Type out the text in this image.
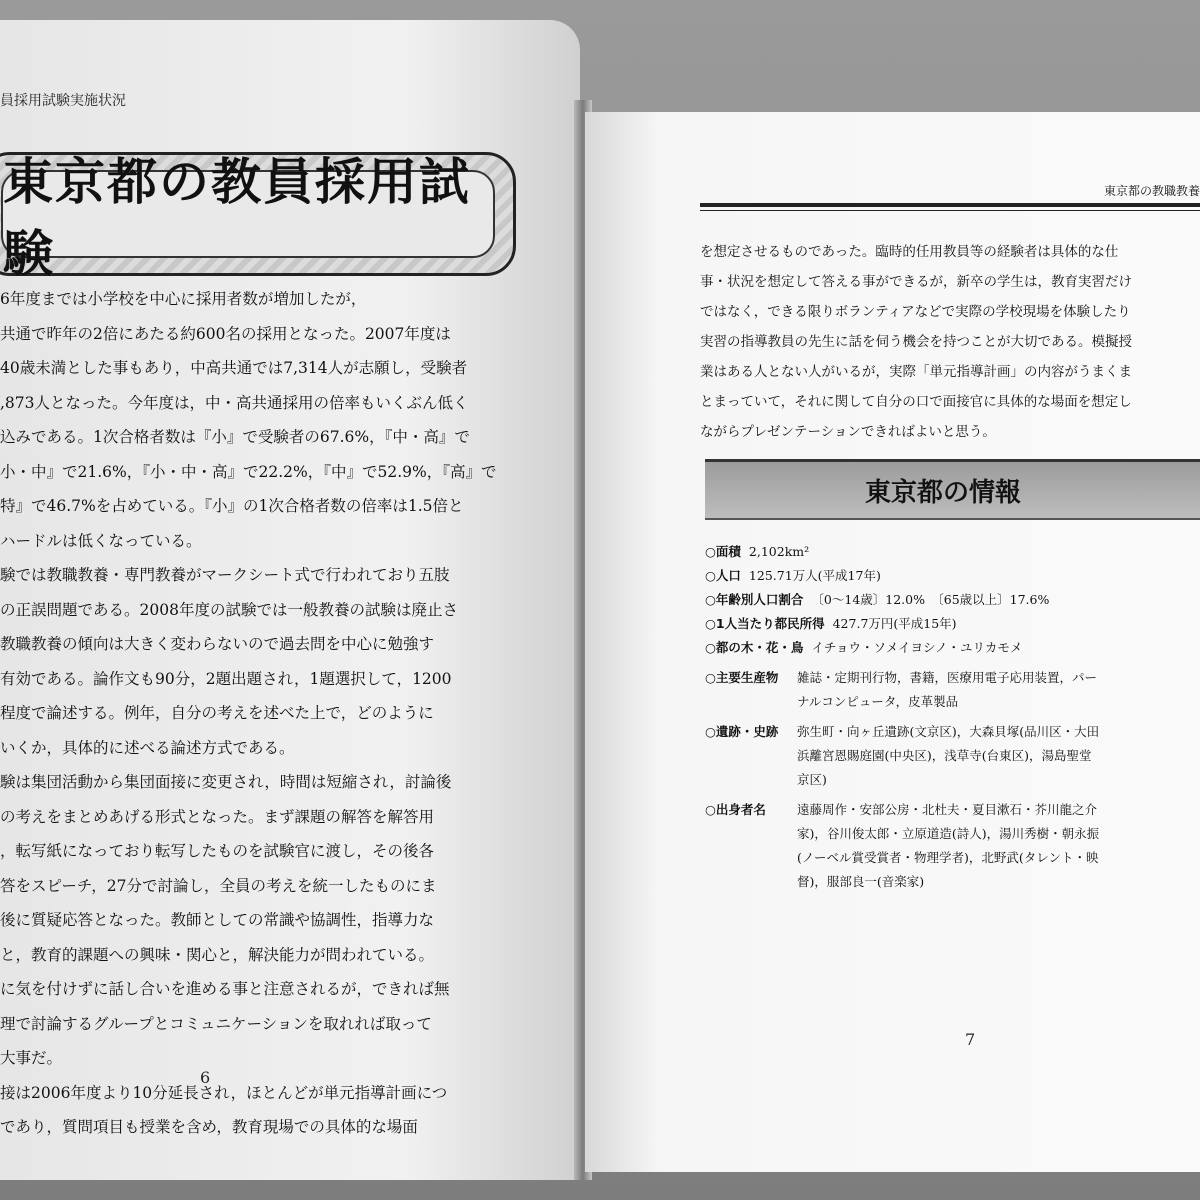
員採用試験実施状況
東京都の教員採用試験

6年度までは小学校を中心に採用者数が増加したが，

共通で昨年の2倍にあたる約600名の採用となった。2007年度は

40歳未満とした事もあり，中高共通では7,314人が志願し，受験者

,873人となった。今年度は，中・高共通採用の倍率もいくぶん低く

込みである。1次合格者数は『小』で受験者の67.6%，『中・高』で

小・中』で21.6%，『小・中・高』で22.2%，『中』で52.9%，『高』で

特』で46.7%を占めている。『小』の1次合格者数の倍率は1.5倍と

ハードルは低くなっている。

験では教職教養・専門教養がマークシート式で行われており五肢

の正誤問題である。2008年度の試験では一般教養の試験は廃止さ

教職教養の傾向は大きく変わらないので過去問を中心に勉強す

有効である。論作文も90分，2題出題され，1題選択して，1200

程度で論述する。例年，自分の考えを述べた上で，どのように

いくか，具体的に述べる論述方式である。

験は集団活動から集団面接に変更され，時間は短縮され，討論後

の考えをまとめあげる形式となった。まず課題の解答を解答用

，転写紙になっており転写したものを試験官に渡し，その後各

答をスピーチ，27分で討論し，全員の考えを統一したものにま

後に質疑応答となった。教師としての常識や協調性，指導力な

と，教育的課題への興味・関心と，解決能力が問われている。

に気を付けずに話し合いを進める事と注意されるが，できれば無

理で討論するグループとコミュニケーションを取れれば取って

大事だ。

接は2006年度より10分延長され，ほとんどが単元指導計画につ

であり，質問項目も授業を含め，教育現場での具体的な場面

6
東京都の教職教養

を想定させるものであった。臨時的任用教員等の経験者は具体的な仕

事・状況を想定して答える事ができるが，新卒の学生は，教育実習だけ

ではなく，できる限りボランティアなどで実際の学校現場を体験したり

実習の指導教員の先生に話を伺う機会を持つことが大切である。模擬授

業はある人とない人がいるが，実際「単元指導計画」の内容がうまくま

とまっていて，それに関して自分の口で面接官に具体的な場面を想定し

ながらプレゼンテーションできればよいと思う。

東京都の情報
○面積 2,102km²
○人口 125.71万人(平成17年)
○年齢別人口割合 〔0～14歳〕12.0%　〔65歳以上〕17.6%
○1人当たり都民所得 427.7万円(平成15年)
○都の木・花・鳥 イチョウ・ソメイヨシノ・ユリカモメ
○主要生産物	雑誌・定期刊行物，書籍，医療用電子応用装置，パー
ナルコンピュータ，皮革製品
○遺跡・史跡	弥生町・向ヶ丘遺跡(文京区)，大森貝塚(品川区・大田
浜離宮恩賜庭園(中央区)，浅草寺(台東区)，湯島聖堂
京区)
○出身者名	遠藤周作・安部公房・北杜夫・夏目漱石・芥川龍之介
家)，谷川俊太郎・立原道造(詩人)，湯川秀樹・朝永振
(ノーベル賞受賞者・物理学者)，北野武(タレント・映
督)，服部良一(音楽家)
7
